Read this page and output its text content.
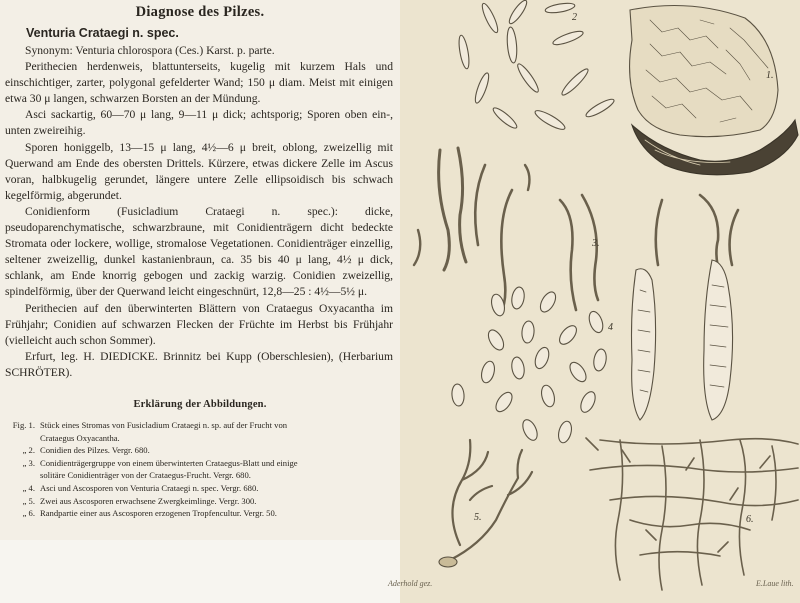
Diagnose des Pilzes.
Venturia Crataegi n. spec.

Synonym: Venturia chlorospora (Ces.) Karst. p. parte.

Perithecien herdenweis, blattunterseits, kugelig mit kurzem Hals und einschichtiger, zarter, polygonal gefelderter Wand; 150 μ diam. Meist mit einigen etwa 30 μ langen, schwarzen Borsten an der Mündung.

Asci sackartig, 60—70 μ lang, 9—11 μ dick; achtsporig; Sporen oben ein-, unten zweireihig.

Sporen honiggelb, 13—15 μ lang, 4½—6 μ breit, oblong, zweizellig mit Querwand am Ende des obersten Drittels. Kürzere, etwas dickere Zelle im Ascus voran, halbkugelig gerundet, längere untere Zelle ellipsoidisch bis schwach kegelförmig, abgerundet.

Conidienform (Fusicladium Crataegi n. spec.): dicke, pseudoparenchymatische, schwarzbraune, mit Conidienträgern dicht bedeckte Stromata oder lockere, wollige, stromalose Vegetationen. Conidienträger einzellig, seltener zweizellig, dunkel kastanienbraun, ca. 35 bis 40 μ lang, 4½ μ dick, schlank, am Ende knorrig gebogen und zackig warzig. Conidien zweizellig, spindelförmig, über der Querwand leicht eingeschnürt, 12,8—25 : 4½—5½ μ.

Perithecien auf den überwinterten Blättern von Crataegus Oxyacantha im Frühjahr; Conidien auf schwarzen Flecken der Früchte im Herbst bis Frühjahr (vielleicht auch schon Sommer).

Erfurt, leg. H. DIEDICKE. Brinnitz bei Kupp (Oberschlesien), (Herbarium SCHRÖTER).

Erklärung der Abbildungen.
Fig. 1. Stück eines Stromas von Fusicladium Crataegi n. sp. auf der Frucht von
Crataegus Oxyacantha.
„ 2. Conidien des Pilzes. Vergr. 680.
„ 3. Conidienträgergruppe von einem überwinterten Crataegus-Blatt und einige
solitäre Conidienträger von der Crataegus-Frucht. Vergr. 680.
„ 4. Asci und Ascosporen von Venturia Crataegi n. spec. Vergr. 680.
„ 5. Zwei aus Ascosporen erwachsene Zwergkeimlinge. Vergr. 300.
„ 6. Randpartie einer aus Ascosporen erzogenen Tropfencultur. Vergr. 50.
1.
2
3.
4
5.	6.
Aderhold gez.	E.Laue lith.
